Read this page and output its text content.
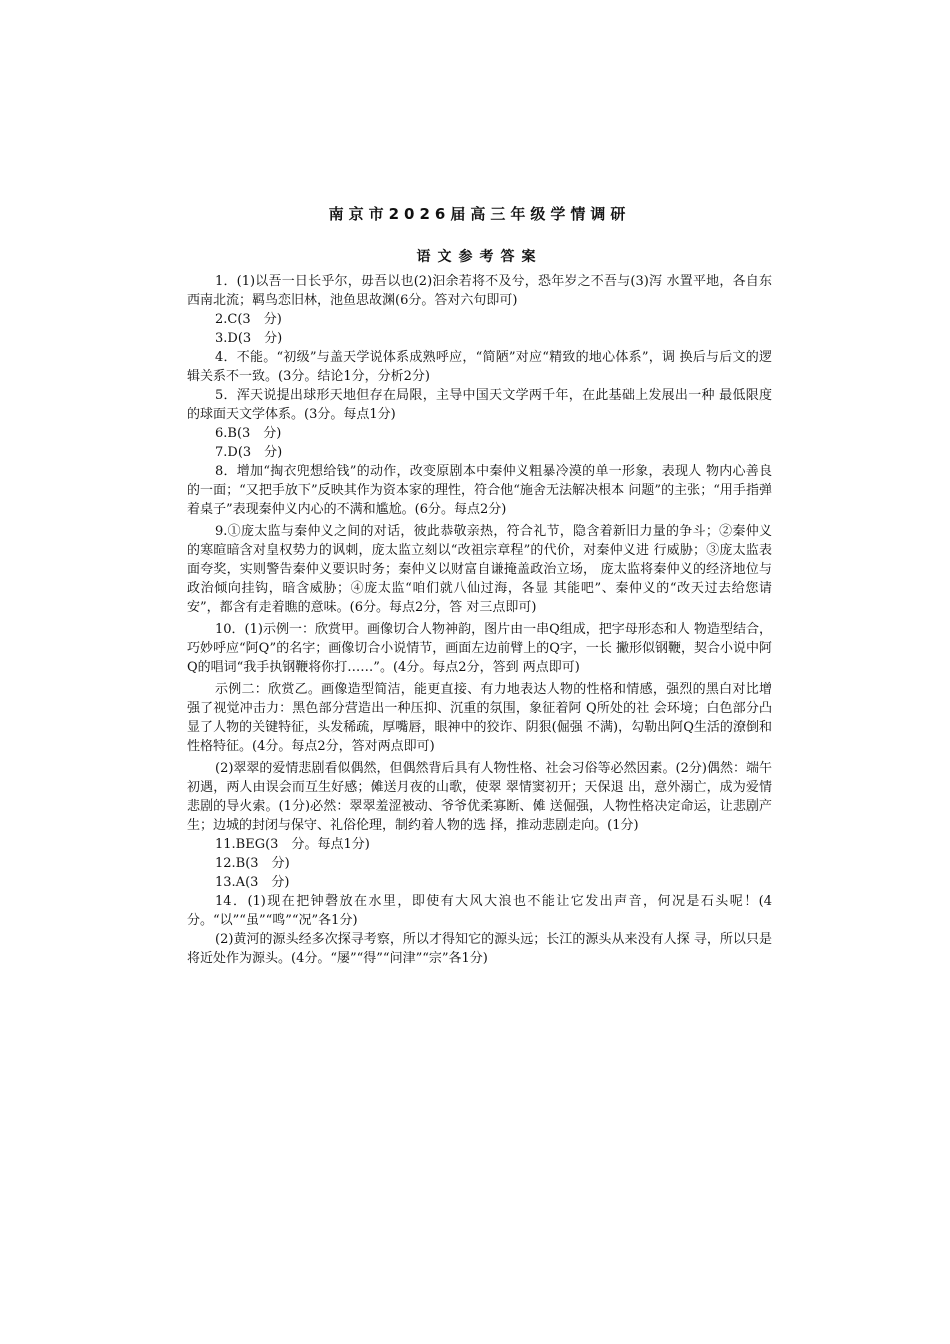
南京市2026届高三年级学情调研
语文参考答案

1．(1)以吾一日长乎尔，毋吾以也(2)汩余若将不及兮，恐年岁之不吾与(3)泻 水置平地，各自东西南北流；羁鸟恋旧林，池鱼思故渊(6分。答对六句即可)

2.C(3　分)

3.D(3　分)

4．不能。“初级”与盖天学说体系成熟呼应，“简陋”对应“精致的地心体系”，调 换后与后文的逻辑关系不一致。(3分。结论1分，分析2分)

5．浑天说提出球形天地但存在局限，主导中国天文学两千年，在此基础上发展出一种 最低限度的球面天文学体系。(3分。每点1分)

6.B(3　分)

7.D(3　分)

8．增加“掏衣兜想给钱”的动作，改变原剧本中秦仲义粗暴冷漠的单一形象，表现人 物内心善良的一面；“又把手放下”反映其作为资本家的理性，符合他“施舍无法解决根本 问题”的主张；“用手指弹着桌子”表现秦仲义内心的不满和尴尬。(6分。每点2分)

9.①庞太监与秦仲义之间的对话，彼此恭敬亲热，符合礼节，隐含着新旧力量的争斗；②秦仲义的寒暄暗含对皇权势力的讽刺，庞太监立刻以“改祖宗章程”的代价，对秦仲义进 行威胁；③庞太监表面夸奖，实则警告秦仲义要识时务；秦仲义以财富自谦掩盖政治立场， 庞太监将秦仲义的经济地位与政治倾向挂钩，暗含威胁；④庞太监“咱们就八仙过海，各显 其能吧”、秦仲义的“改天过去给您请安”，都含有走着瞧的意味。(6分。每点2分，答 对三点即可)

10．(1)示例一：欣赏甲。画像切合人物神韵，图片由一串Q组成，把字母形态和人 物造型结合，巧妙呼应“阿Q”的名字；画像切合小说情节，画面左边前臂上的Q字，一长 撇形似钢鞭，契合小说中阿Q的唱词“我手执钢鞭将你打……”。(4分。每点2分，答到 两点即可)

示例二：欣赏乙。画像造型简洁，能更直接、有力地表达人物的性格和情感，强烈的黑白对比增强了视觉冲击力：黑色部分营造出一种压抑、沉重的氛围，象征着阿 Q所处的社 会环境；白色部分凸显了人物的关键特征，头发稀疏，厚嘴唇，眼神中的狡诈、阴狠(倔强 不满)，勾勒出阿Q生活的潦倒和性格特征。(4分。每点2分，答对两点即可)

(2)翠翠的爱情悲剧看似偶然，但偶然背后具有人物性格、社会习俗等必然因素。(2分)偶然：端午初遇，两人由误会而互生好感；傩送月夜的山歌，使翠 翠情窦初开；天保退 出，意外溺亡，成为爱情悲剧的导火索。(1分)必然：翠翠羞涩被动、爷爷优柔寡断、傩 送倔强，人物性格决定命运，让悲剧产生；边城的封闭与保守、礼俗伦理，制约着人物的选 择，推动悲剧走向。(1分)

11.BEG(3　分。每点1分)

12.B(3　分)

13.A(3　分)

14．(1)现在把钟磬放在水里，即使有大风大浪也不能让它发出声音，何况是石头呢！(4分。“以”“虽”“鸣”“况”各1分)

(2)黄河的源头经多次探寻考察，所以才得知它的源头远；长江的源头从来没有人探 寻，所以只是将近处作为源头。(4分。“屡”“得”“问津”“宗”各1分)
